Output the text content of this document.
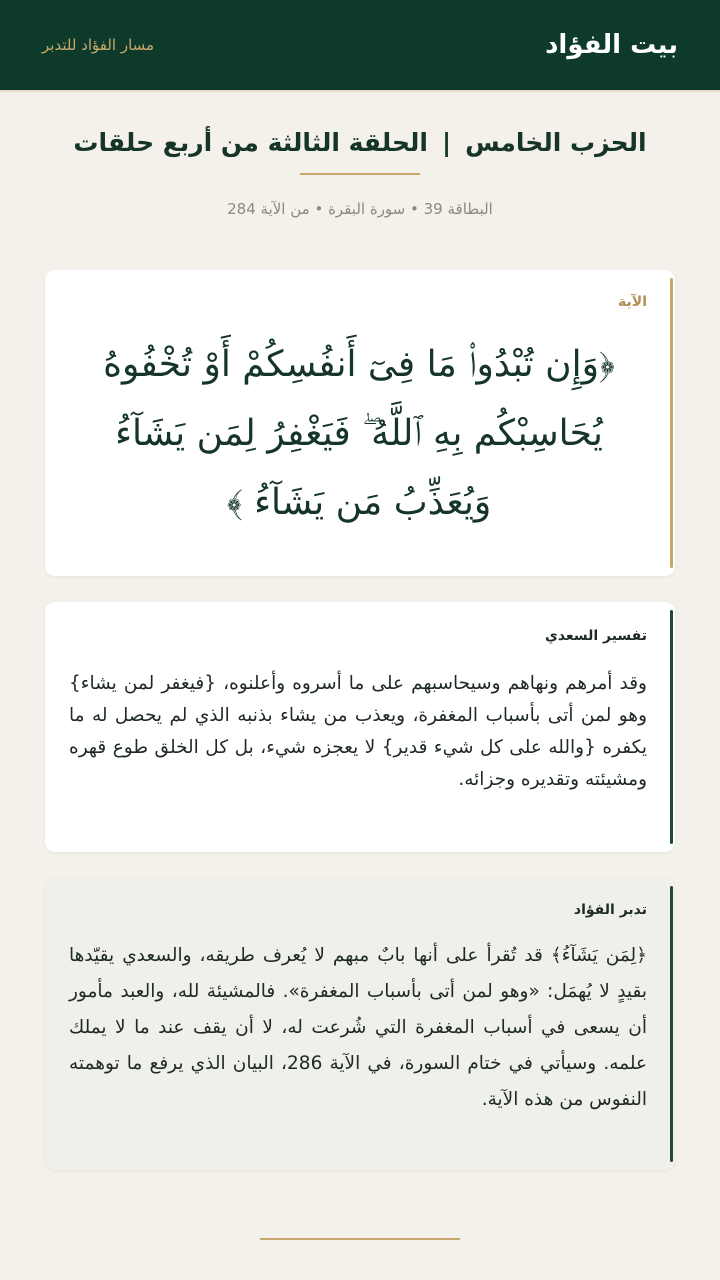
بيت الفؤاد
مسار الفؤاد للتدبر
الحزب الخامس|الحلقة الثالثة من أربع حلقات
البطاقة 39 • سورة البقرة • من الآية 284
الآية
﴿وَإِن تُبْدُوا۟ مَا فِىٓ أَنفُسِكُمْ أَوْ تُخْفُوهُ يُحَاسِبْكُم بِهِ ٱللَّهُ ۖ فَيَغْفِرُ لِمَن يَشَآءُ وَيُعَذِّبُ مَن يَشَآءُ ﴾
تفسير السعدي
وقد أمرهم ونهاهم وسيحاسبهم على ما أسروه وأعلنوه، {فيغفر لمن يشاء} وهو لمن أتى بأسباب المغفرة، ويعذب من يشاء بذنبه الذي لم يحصل له ما يكفره {والله على كل شيء قدير} لا يعجزه شيء، بل كل الخلق طوع قهره ومشيئته وتقديره وجزائه.
تدبر الفؤاد
﴿لِمَن يَشَآءُ﴾ قد تُقرأ على أنها بابٌ مبهم لا يُعرف طريقه، والسعدي يقيّدها بقيدٍ لا يُهمَل: «وهو لمن أتى بأسباب المغفرة». فالمشيئة لله، والعبد مأمور أن يسعى في أسباب المغفرة التي شُرعت له، لا أن يقف عند ما لا يملك علمه. وسيأتي في ختام السورة، في الآية 286، البيان الذي يرفع ما توهمته النفوس من هذه الآية.
